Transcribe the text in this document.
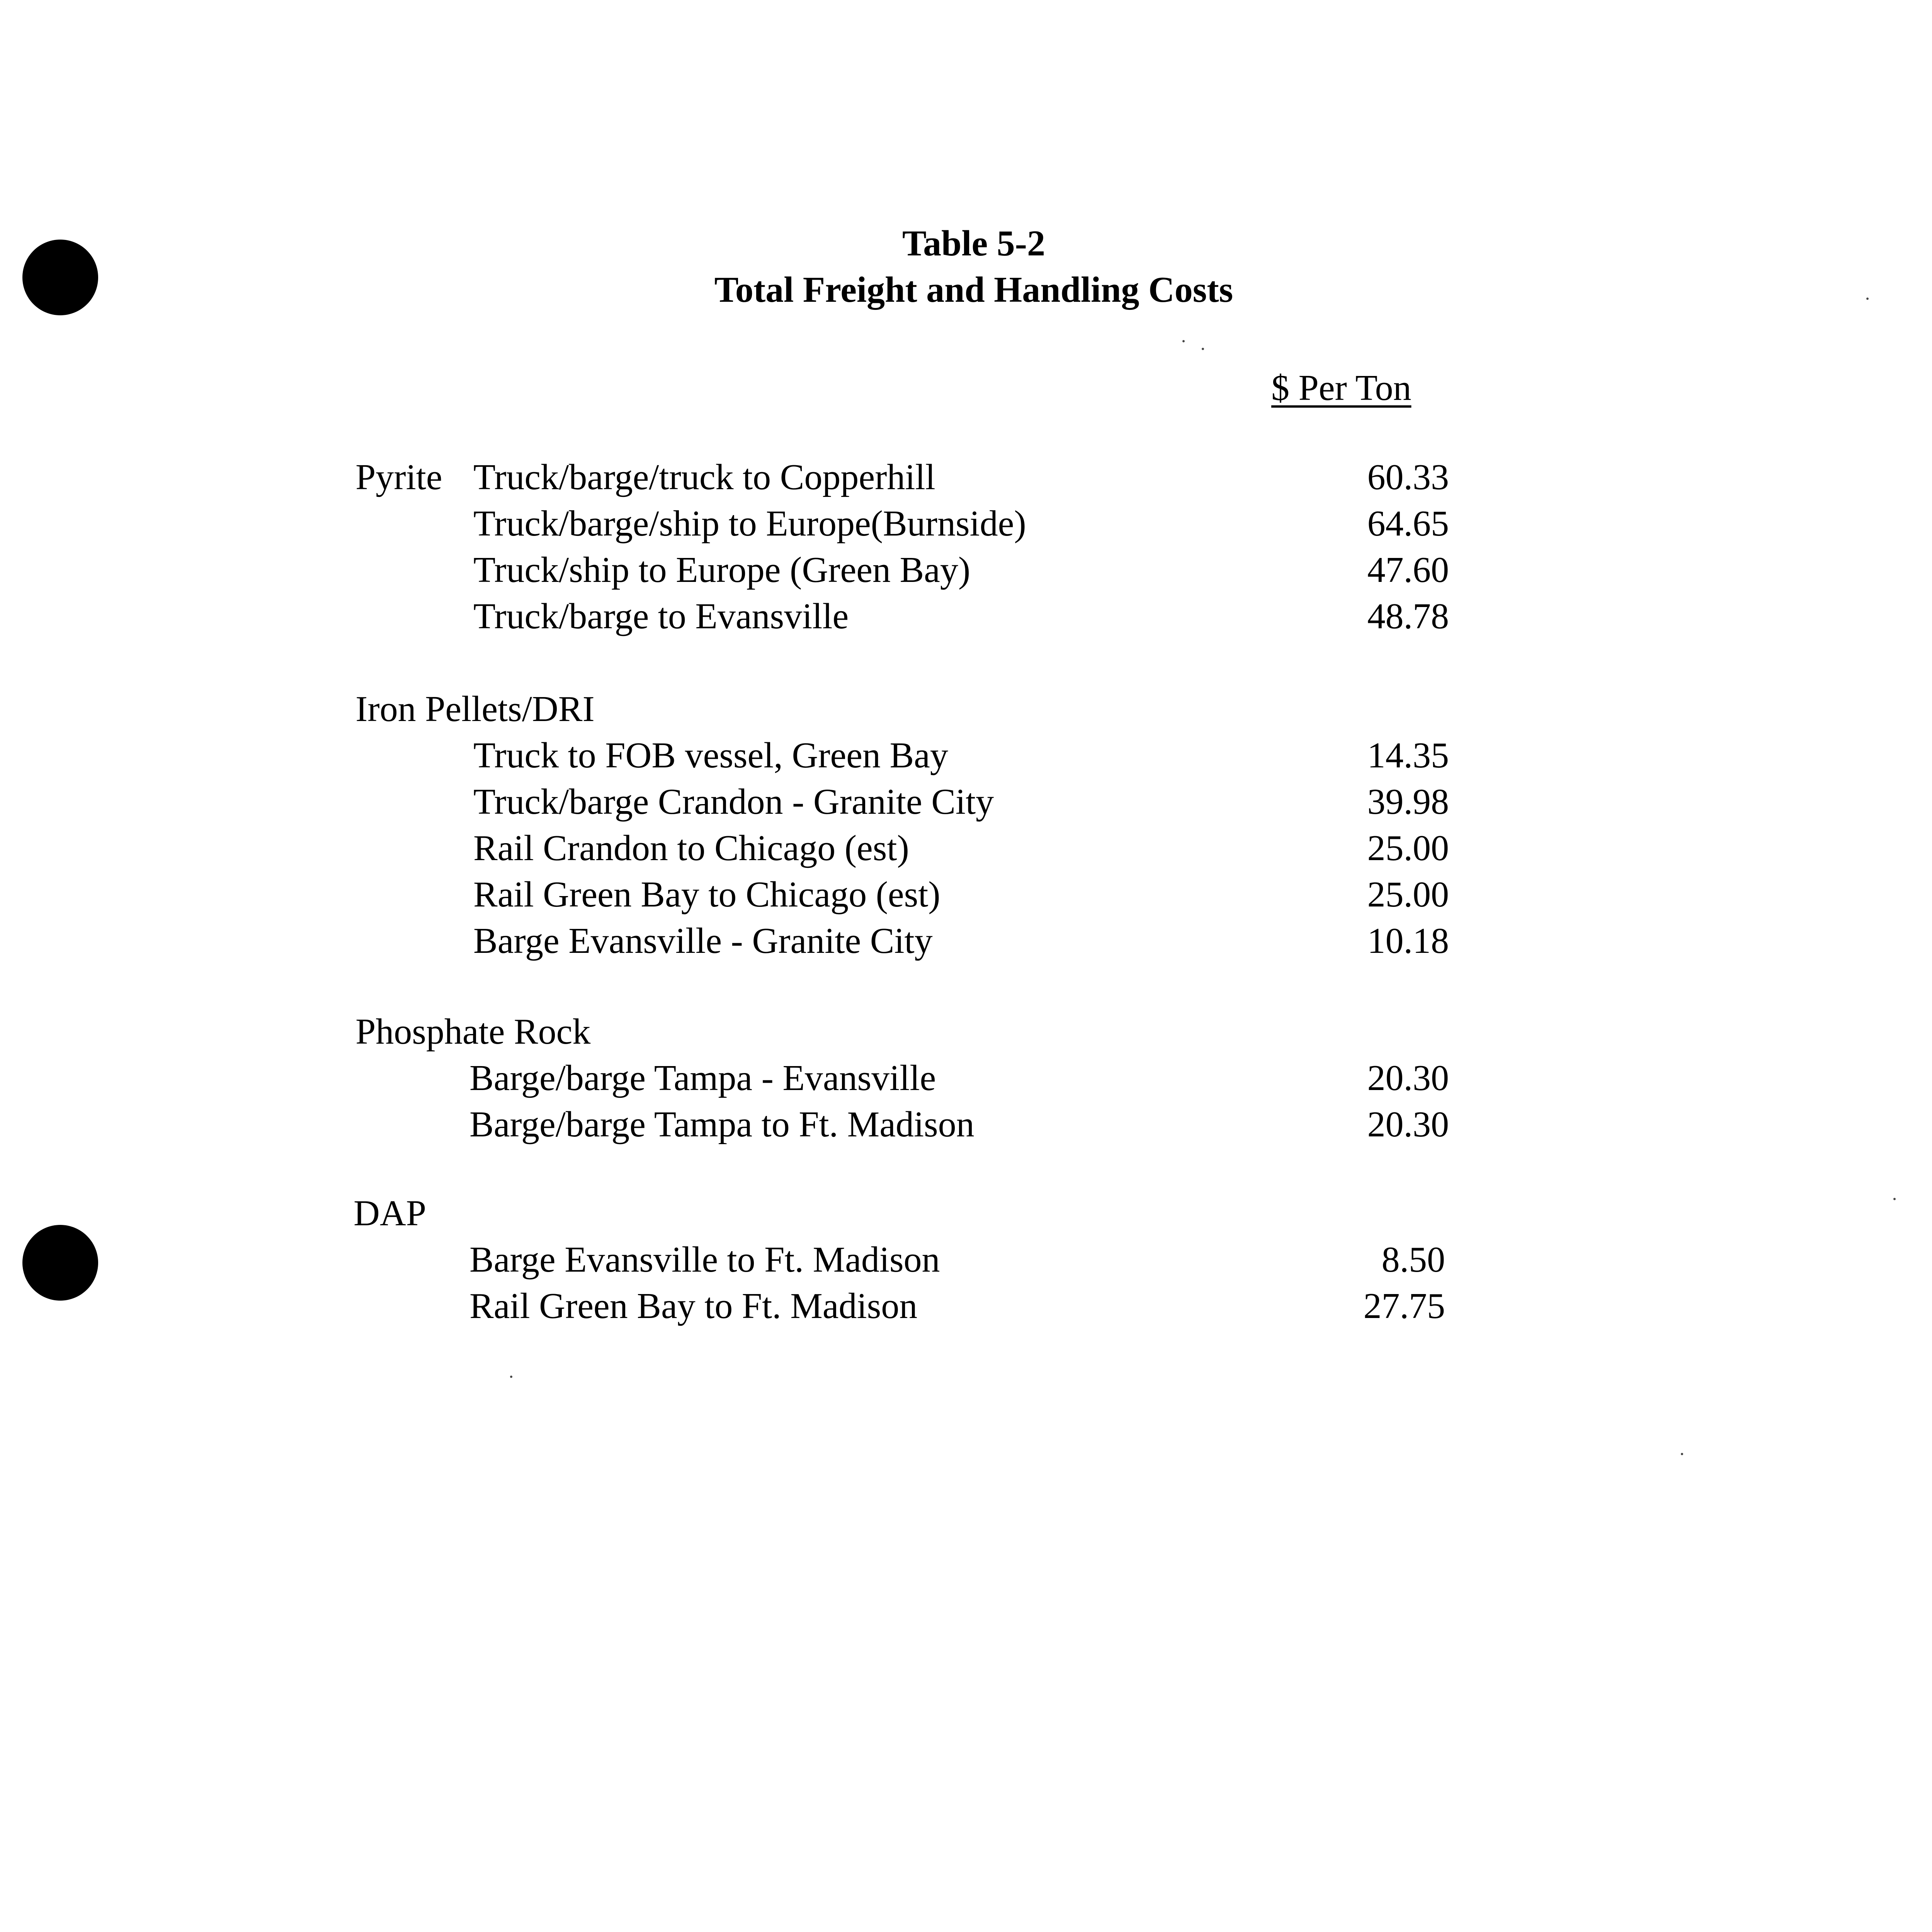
Table 5-2
Total Freight and Handling Costs
$ Per Ton
Pyrite Truck/barge/truck to Copperhill	60.33
Truck/barge/ship to Europe(Burnside)	64.65
Truck/ship to Europe (Green Bay)	47.60
Truck/barge to Evansville	48.78
Iron Pellets/DRI
Truck to FOB vessel, Green Bay	14.35
Truck/barge Crandon - Granite City	39.98
Rail Crandon to Chicago (est)	25.00
Rail Green Bay to Chicago (est)	25.00
Barge Evansville - Granite City	10.18
Phosphate Rock
Barge/barge Tampa - Evansville	20.30
Barge/barge Tampa to Ft. Madison	20.30
DAP
Barge Evansville to Ft. Madison	8.50
Rail Green Bay to Ft. Madison	27.75
